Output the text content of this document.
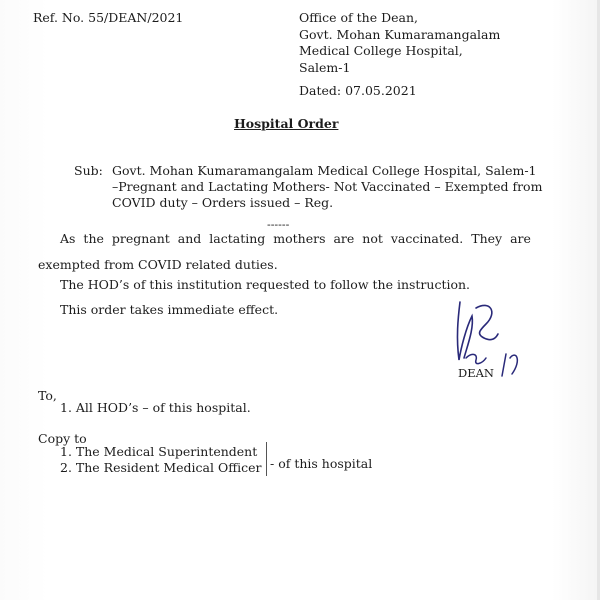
Ref. No. 55/DEAN/2021	Office of the Dean,
Govt. Mohan Kumaramangalam
Medical College Hospital,
Salem-1
Dated: 07.05.2021
Hospital Order
Sub: Govt. Mohan Kumaramangalam Medical College Hospital, Salem-1
–Pregnant and Lactating Mothers- Not Vaccinated – Exempted from
COVID duty – Orders issued – Reg.
------
As the pregnant and lactating mothers are not vaccinated. They are
exempted from COVID related duties.
The HOD’s of this institution requested to follow the instruction.
This order takes immediate effect.
DEAN
To,
1. All HOD’s – of this hospital.
Copy to
1. The Medical Superintendent
2. The Resident Medical Officer - of this hospital
